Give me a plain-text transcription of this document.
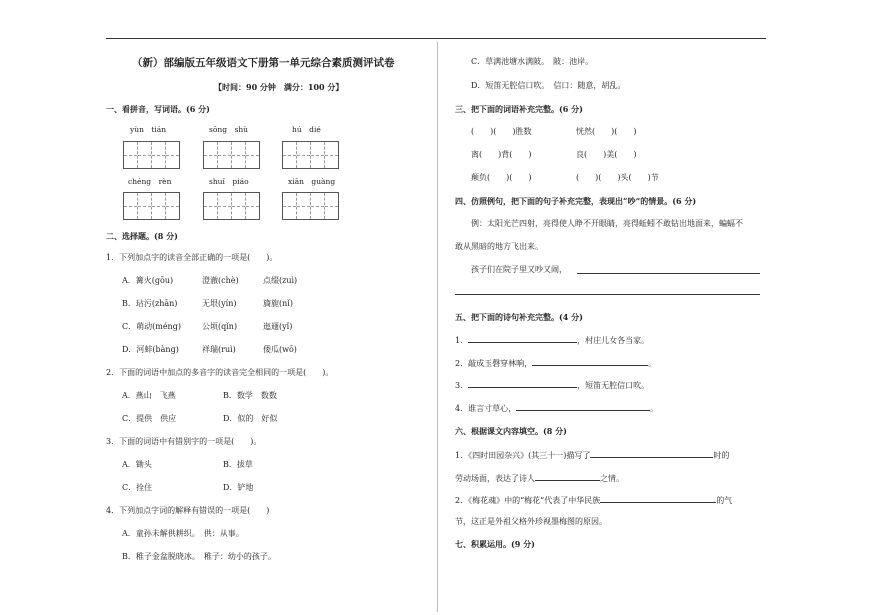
（新）部编版五年级语文下册第一单元综合素质测评试卷
【时间：90 分钟　满分：100 分】
一、看拼音，写词语。(6 分)
yùn　tián	sōng　shù	hú　dié
chéng　rèn	shuǐ　piáo	xiān　guàng
二、选择题。(8 分)
1．下列加点字的读音全部正确的一项是(　　)。
A．篝火(gōu)	澄澈(chè)	点缀(zuì)
B．玷污(zhān)	无垠(yín)	旖旎(nǐ)
C．萌动(méng)	公顷(qǐn)	迤逦(yǐ)
D．河蚌(bàng)	祥瑞(ruì)	倭瓜(wō)
2．下面的词语中加点的多音字的读音完全相同的一项是(　　)。
A．燕山　飞燕	B．数学　数数
C．提供　供应	D．似的　好似
3．下面的词语中有错别字的一项是(　　)。
A．锄头	B．拔草
C．拴住	D．铲地
4．下列加点字词的解释有错误的一项是(　　)
A．童孙未解供耕织。　供：从事。
B．稚子金盆脱晓冰。　稚子：幼小的孩子。
C．草满池塘水满陂。　陂：池岸。
D．短笛无腔信口吹。　信口：随意，胡乱。
三、把下面的词语补充完整。(6 分)
(　　)(　　)胜数	恍然(　　)(　　)
离(　　)背(　　)	良(　　)美(　　)
颠负(　　)(　　)	(　　)(　　)头(　　)节
四、仿照例句，把下面的句子补充完整，表现出“吵”的情景。(6 分)
例：太阳光芒四射，亮得使人睁不开眼睛，亮得蚯蚓不敢钻出地面来，蝙蝠不
敢从黑暗的地方飞出来。
孩子们在院子里又吵又闹，
五、把下面的诗句补充完整。(4 分)
1．	，村庄儿女各当家。
2．敲成玉磬穿林响，	。
3．	，短笛无腔信口吹。
4．谁言寸草心，	。
六、根据课文内容填空。(8 分)
1．《四时田园杂兴》(其三十一)描写了	时的
劳动场面，表达了诗人	之情。
2．《梅花魂》中的“梅花”代表了中华民族	的气
节，这正是外祖父格外珍视墨梅图的原因。
七、积累运用。(9 分)
